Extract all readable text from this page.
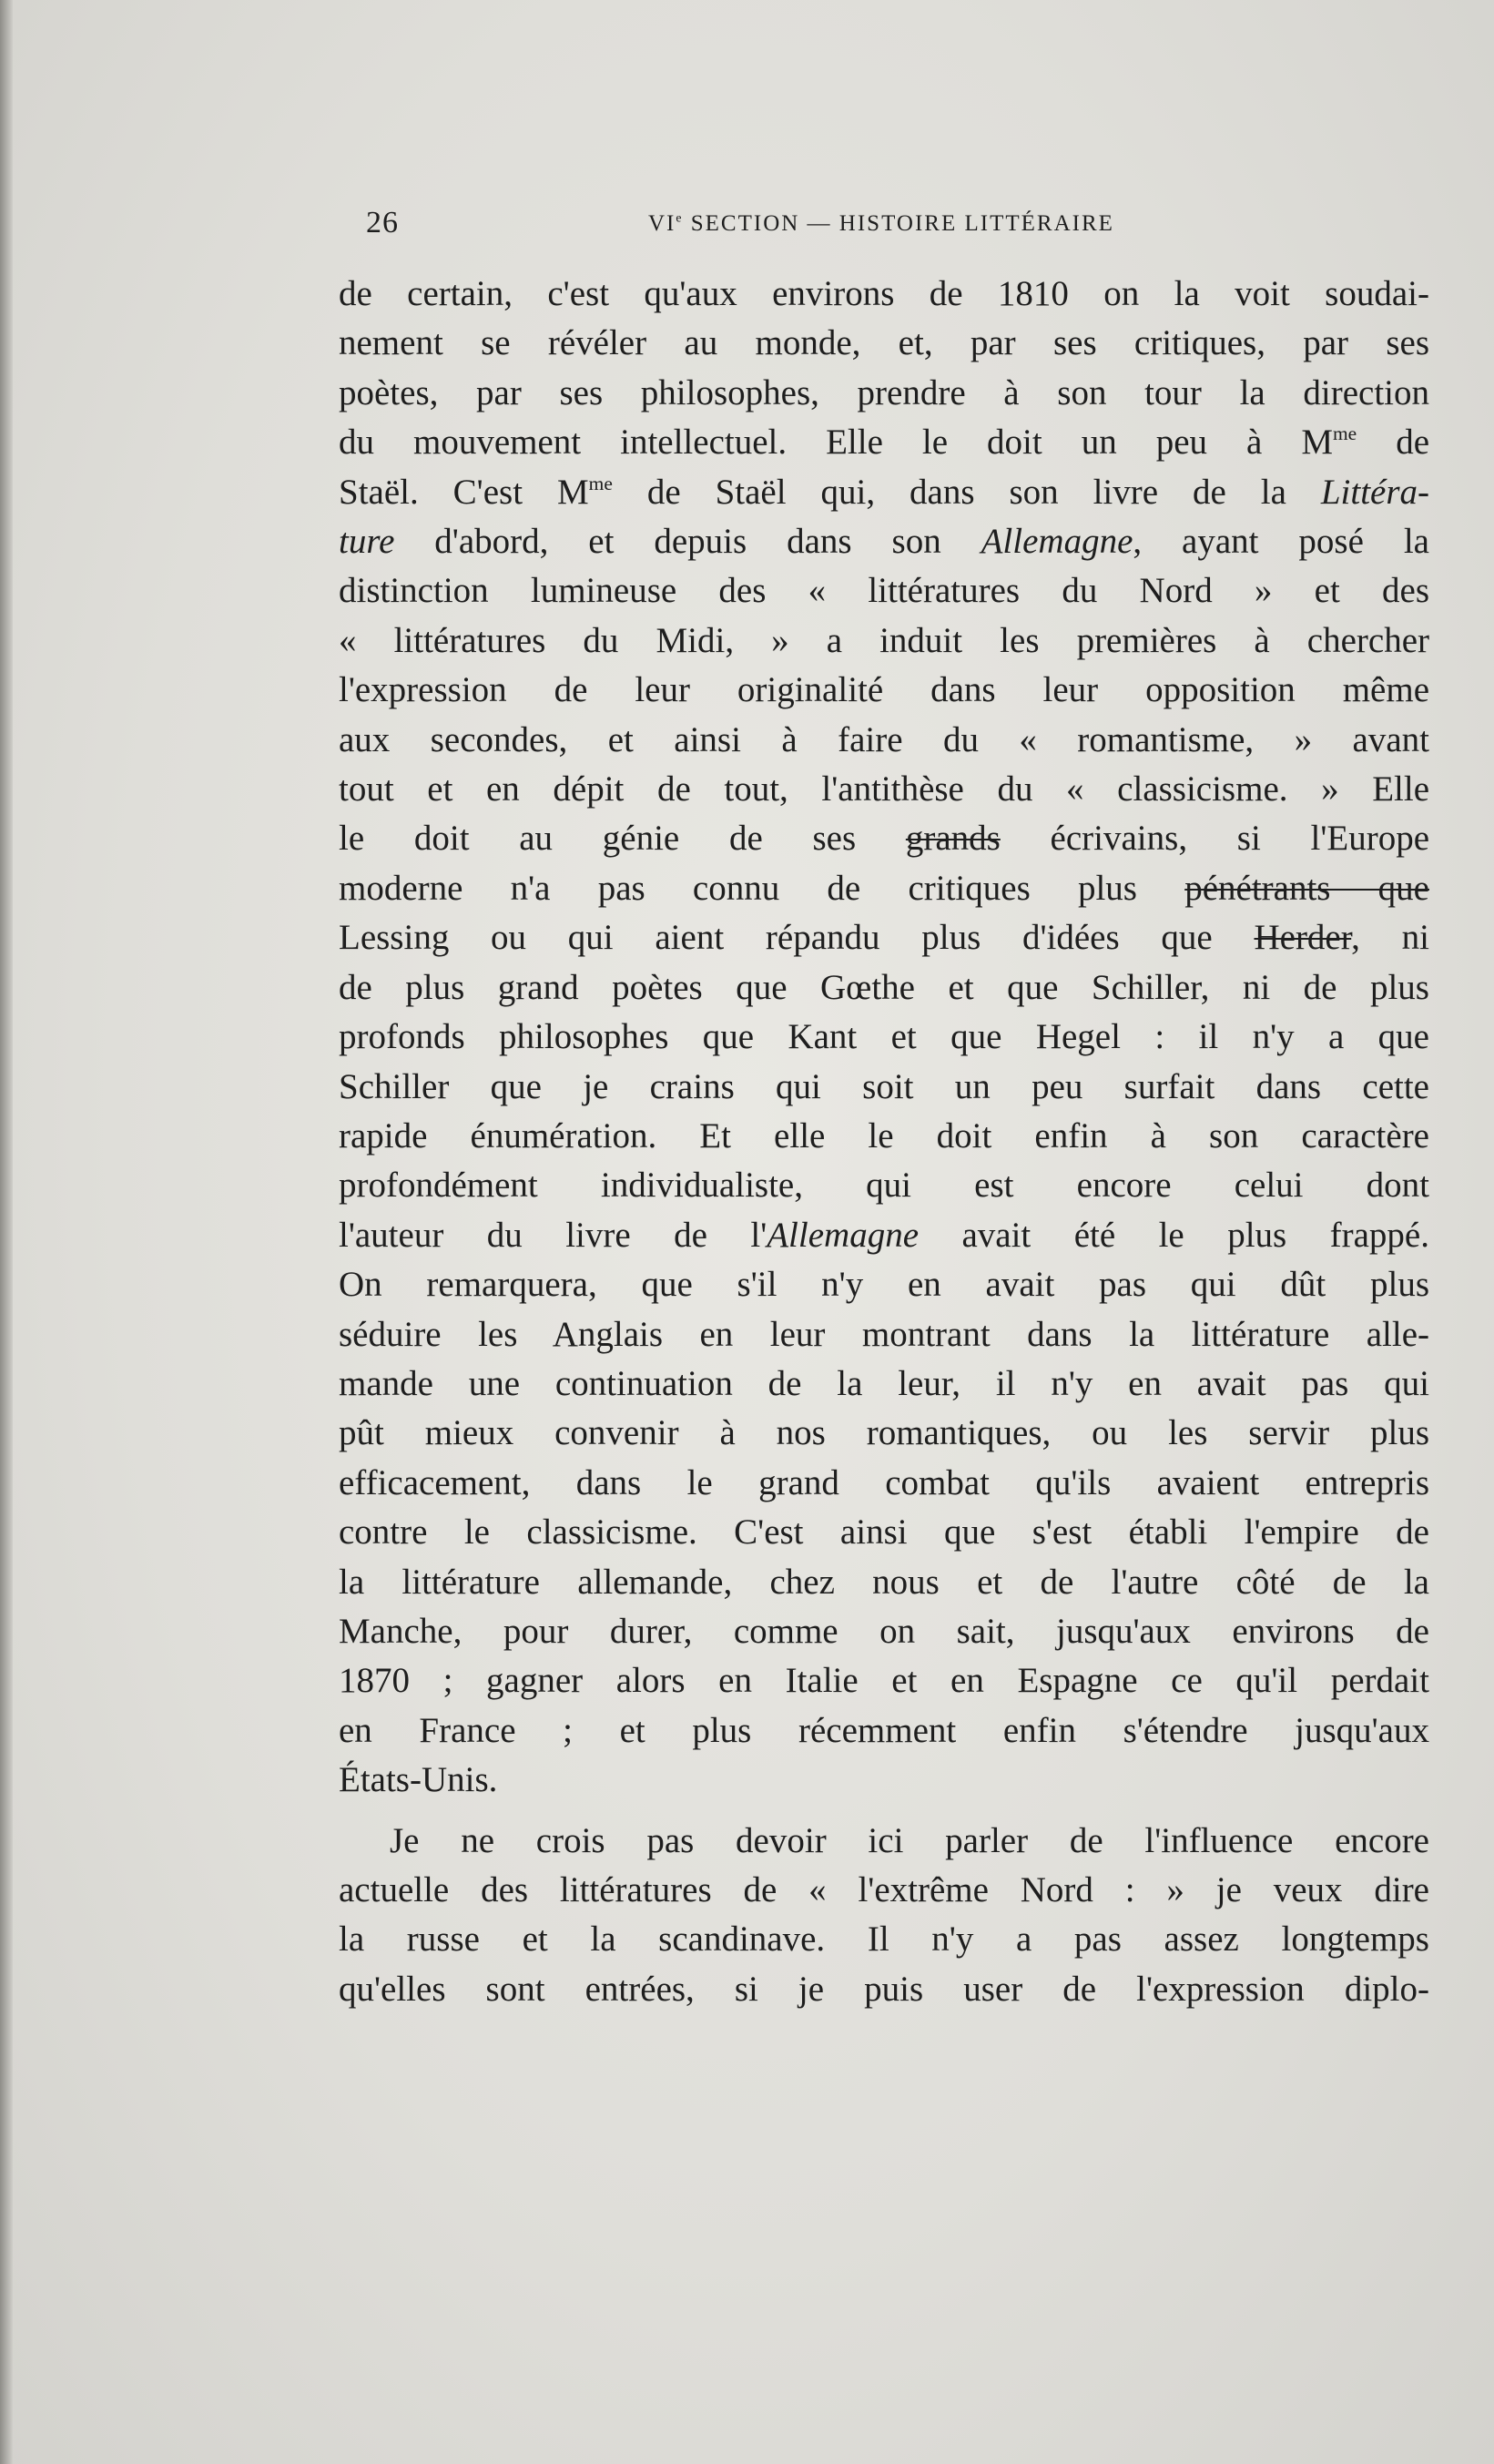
26	VIe SECTION — HISTOIRE LITTÉRAIRE

de certain, c'est qu'aux environs de 1810 on la voit soudai-
nement se révéler au monde, et, par ses critiques, par ses
poètes, par ses philosophes, prendre à son tour la direction
du mouvement intellectuel. Elle le doit un peu à $M^{me}$ de
Staël. C'est $M^{me}$ de Staël qui, dans son livre de la Littéra-
ture d'abord, et depuis dans son Allemagne, ayant posé la
distinction lumineuse des « littératures du Nord » et des
« littératures du Midi, » a induit les premières à chercher
l'expression de leur originalité dans leur opposition même
aux secondes, et ainsi à faire du « romantisme, » avant
tout et en dépit de tout, l'antithèse du « classicisme. » Elle
le doit au génie de ses grands écrivains, si l'Europe
moderne n'a pas connu de critiques plus pénétrants que
Lessing ou qui aient répandu plus d'idées que Herder, ni
de plus grand poètes que Gœthe et que Schiller, ni de plus
profonds philosophes que Kant et que Hegel : il n'y a que
Schiller que je crains qui soit un peu surfait dans cette
rapide énumération. Et elle le doit enfin à son caractère
profondément individualiste, qui est encore celui dont
l'auteur du livre de l'Allemagne avait été le plus frappé.
On remarquera, que s'il n'y en avait pas qui dût plus
séduire les Anglais en leur montrant dans la littérature alle-
mande une continuation de la leur, il n'y en avait pas qui
pût mieux convenir à nos romantiques, ou les servir plus
efficacement, dans le grand combat qu'ils avaient entrepris
contre le classicisme. C'est ainsi que s'est établi l'empire de
la littérature allemande, chez nous et de l'autre côté de la
Manche, pour durer, comme on sait, jusqu'aux environs de
1870 ; gagner alors en Italie et en Espagne ce qu'il perdait
en France ; et plus récemment enfin s'étendre jusqu'aux
États-Unis.

Je ne crois pas devoir ici parler de l'influence encore
actuelle des littératures de « l'extrême Nord : » je veux dire
la russe et la scandinave. Il n'y a pas assez longtemps
qu'elles sont entrées, si je puis user de l'expression diplo-
